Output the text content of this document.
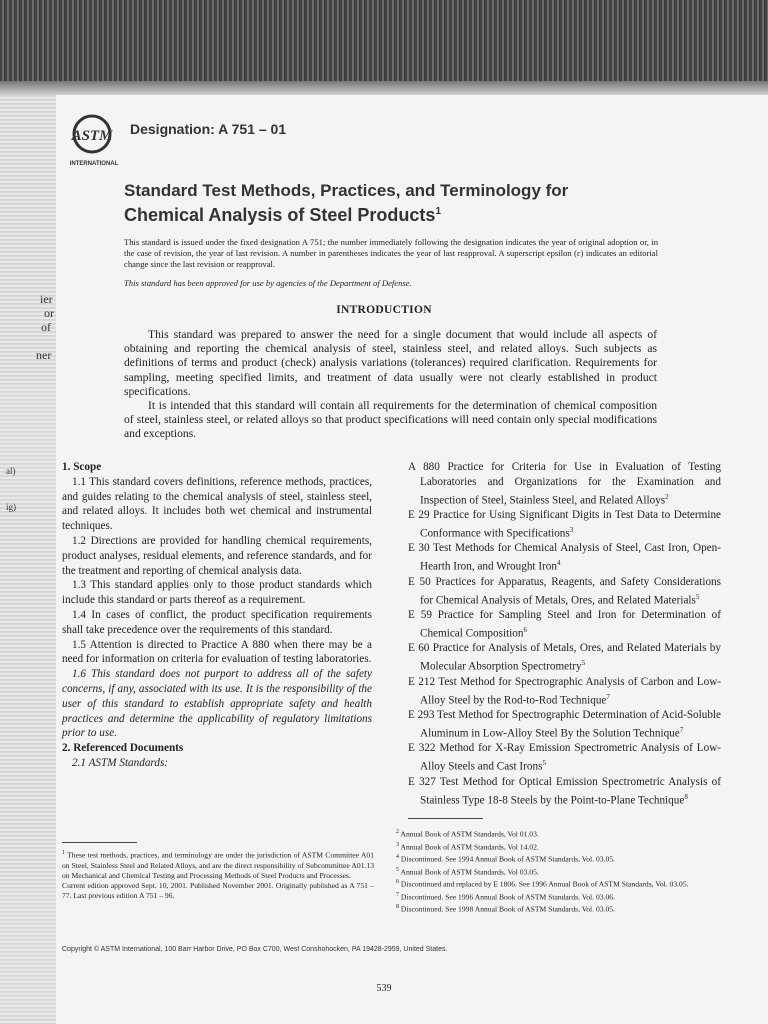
ier
or
of
ner
al)
ig)
ASTM
INTERNATIONAL
Designation: A 751 – 01
Standard Test Methods, Practices, and Terminology for
Chemical Analysis of Steel Products$^1$
This standard is issued under the fixed designation A 751; the number immediately following the designation indicates the year of original adoption or, in the case of revision, the year of last revision. A number in parentheses indicates the year of last reapproval. A superscript epsilon (ε) indicates an editorial change since the last revision or reapproval.
This standard has been approved for use by agencies of the Department of Defense.
INTRODUCTION

This standard was prepared to answer the need for a single document that would include all aspects of obtaining and reporting the chemical analysis of steel, stainless steel, and related alloys. Such subjects as definitions of terms and product (check) analysis variations (tolerances) required clarification. Requirements for sampling, meeting specified limits, and treatment of data usually were not clearly established in product specifications.

It is intended that this standard will contain all requirements for the determination of chemical composition of steel, stainless steel, or related alloys so that product specifications will need contain only special modifications and exceptions.

1. Scope

1.1 This standard covers definitions, reference methods, practices, and guides relating to the chemical analysis of steel, stainless steel, and related alloys. It includes both wet chemical and instrumental techniques.

1.2 Directions are provided for handling chemical requirements, product analyses, residual elements, and reference standards, and for the treatment and reporting of chemical analysis data.

1.3 This standard applies only to those product standards which include this standard or parts thereof as a requirement.

1.4 In cases of conflict, the product specification requirements shall take precedence over the requirements of this standard.

1.5 Attention is directed to Practice A 880 when there may be a need for information on criteria for evaluation of testing laboratories.

1.6 This standard does not purport to address all of the safety concerns, if any, associated with its use. It is the responsibility of the user of this standard to establish appropriate safety and health practices and determine the applicability of regulatory limitations prior to use.

2. Referenced Documents

2.1 ASTM Standards:

A 880 Practice for Criteria for Use in Evaluation of Testing Laboratories and Organizations for the Examination and Inspection of Steel, Stainless Steel, and Related Alloys$^2$

E 29 Practice for Using Significant Digits in Test Data to Determine Conformance with Specifications$^3$

E 30 Test Methods for Chemical Analysis of Steel, Cast Iron, Open-Hearth Iron, and Wrought Iron$^4$

E 50 Practices for Apparatus, Reagents, and Safety Considerations for Chemical Analysis of Metals, Ores, and Related Materials$^5$

E 59 Practice for Sampling Steel and Iron for Determination of Chemical Composition$^6$

E 60 Practice for Analysis of Metals, Ores, and Related Materials by Molecular Absorption Spectrometry$^5$

E 212 Test Method for Spectrographic Analysis of Carbon and Low-Alloy Steel by the Rod-to-Rod Technique$^7$

E 293 Test Method for Spectrographic Determination of Acid-Soluble Aluminum in Low-Alloy Steel By the Solution Technique$^7$

E 322 Method for X-Ray Emission Spectrometric Analysis of Low-Alloy Steels and Cast Irons$^5$

E 327 Test Method for Optical Emission Spectrometric Analysis of Stainless Type 18-8 Steels by the Point-to-Plane Technique$^8$

$^1$ These test methods, practices, and terminology are under the jurisdiction of ASTM Committee A01 on Steel, Stainless Steel and Related Alloys, and are the direct responsibility of Subcommittee A01.13 on Mechanical and Chemical Testing and Processing Methods of Steel Products and Processes.

Current edition approved Sept. 10, 2001. Published November 2001. Originally published as A 751 – 77. Last previous edition A 751 – 96.

$^2$ Annual Book of ASTM Standards, Vol 01.03.

$^3$ Annual Book of ASTM Standards, Vol 14.02.

$^4$ Discontinued. See 1994 Annual Book of ASTM Standards, Vol. 03.05.

$^5$ Annual Book of ASTM Standards, Vol 03.05.

$^6$ Discontinued and replaced by E 1806. See 1996 Annual Book of ASTM Standards, Vol. 03.05.

$^7$ Discontinued. See 1996 Annual Book of ASTM Standards, Vol. 03.06.

$^8$ Discontinued. See 1998 Annual Book of ASTM Standards, Vol. 03.05.

Copyright © ASTM International, 100 Barr Harbor Drive, PO Box C700, West Conshohocken, PA 19428-2959, United States.
539
